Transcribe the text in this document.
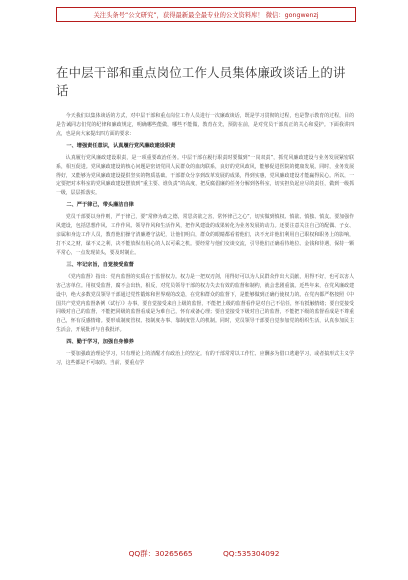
关注头条号“公文研究”，获得最新最全最专业的公文资料库！ 微信：gongwenzj
在中层干部和重点岗位工作人员集体廉政谈话上的讲话

今天我们以集体谈话的方式，对中层干部和重点岗位工作人员进行一次廉政谈话，既是学习贯彻的过程，也是警示教育的过程，目的是告诫同志们党的纪律和廉政规定，明确哪些能做，哪些不能做，教育在先，预防在前，是对党员干部真正的关心和爱护。下面我讲四点，也是向大家提出四方面的要求：

一、增强责任意识，认真履行党风廉政建设职责

认真履行党风廉政建设职责，是一项重要政治任务。中层干部在履行职责时要做到“一岗双责”，抓党风廉政建设与业务发展紧密联系，相互促进。党风廉政建设的核心问题是密切党同人民群众的血肉联系，良好的党风政风，能够促进医院的健康发展。同时，业务发展得好，又能够为党风廉政建设提供坚实的物质基础。干部群众分享到改革发展的成果，得到实惠，党风廉政建设才能赢得民心。所以，一定要把对本科室的党风廉政建设摆放到“重主要、谁负责”的高度，把反腐倡廉的任务分解到各科室，切实担负起应尽的责任，做到一级抓一级，层层抓落实。

二、严于律己，带头廉洁自律

党员干部要以身作则，严于律己，要“常修为政之德，常思贪欲之害，常怀律己之心”，切实做到慎权、慎欲、慎独、慎友。要加强作风建设，包括思想作风、工作作风、领导作风和生活作风，把作风建设的成果转化为业务发展的动力。还要注意关注自己的配偶、子女、亲属和身边工作人员，教育他们操守清廉遵守法纪，让他们明白，群众的眼睛都看着他们，决不允许他们利用自己职权和职务上的影响，打不义之财，谋不义之利，决不能放纵有用心的人以可乘之机。要经常与他们交谈交流，引导他们正确看待地位、金钱和待遇，保持一颗平常心，一点发现苗头，要及时制止。

三、牢记宗旨，自觉接受监督

《党内监督》指出：党内监督的实质在于监督权力。权力是一把双刃剑，用得好可以为人民群众作出大贡献，用得不好，也可以害人害己害单位。用权受监督，腐不会出轨，相反，对党员领导干部的权力失去有效的监督和制约，就会悲剧重演。近些年来，在党风廉政建设中，绝大多数党员领导干部通过党性锻炼和世界观的改造，在党和群众的监督下，是能够做到正确行使权力的。在党内都严格按照《中国共产党党内监督条例（试行）》办事，要自觉接受来自上级的监督，不能把上级的监督看作是对自己不信任，怀有抵触情绪；要自觉接受同级对自己的监督，不能把同级的监督看成是为难自己，怀有戒备心理；要自觉接受下级对自己的监督，不能把下级的监督看成是不尊重自己，怀有反感情绪。要形成制度管权、按制度办事、靠制度管人的机制。同时，党员领导干部要自觉参加党的组织生活，认真参加民主生活会，开展批评与自我批评。

四、勤于学习，加强自身修养

一要加强政治理论学习，只有理论上的清醒才有政治上的坚定。有的干部常常以工作忙、应酬多为借口逃避学习，或者搞形式主义学习，这些都是不可取的。当前，要重点学

QQ群：30265665	QQ:535304092
